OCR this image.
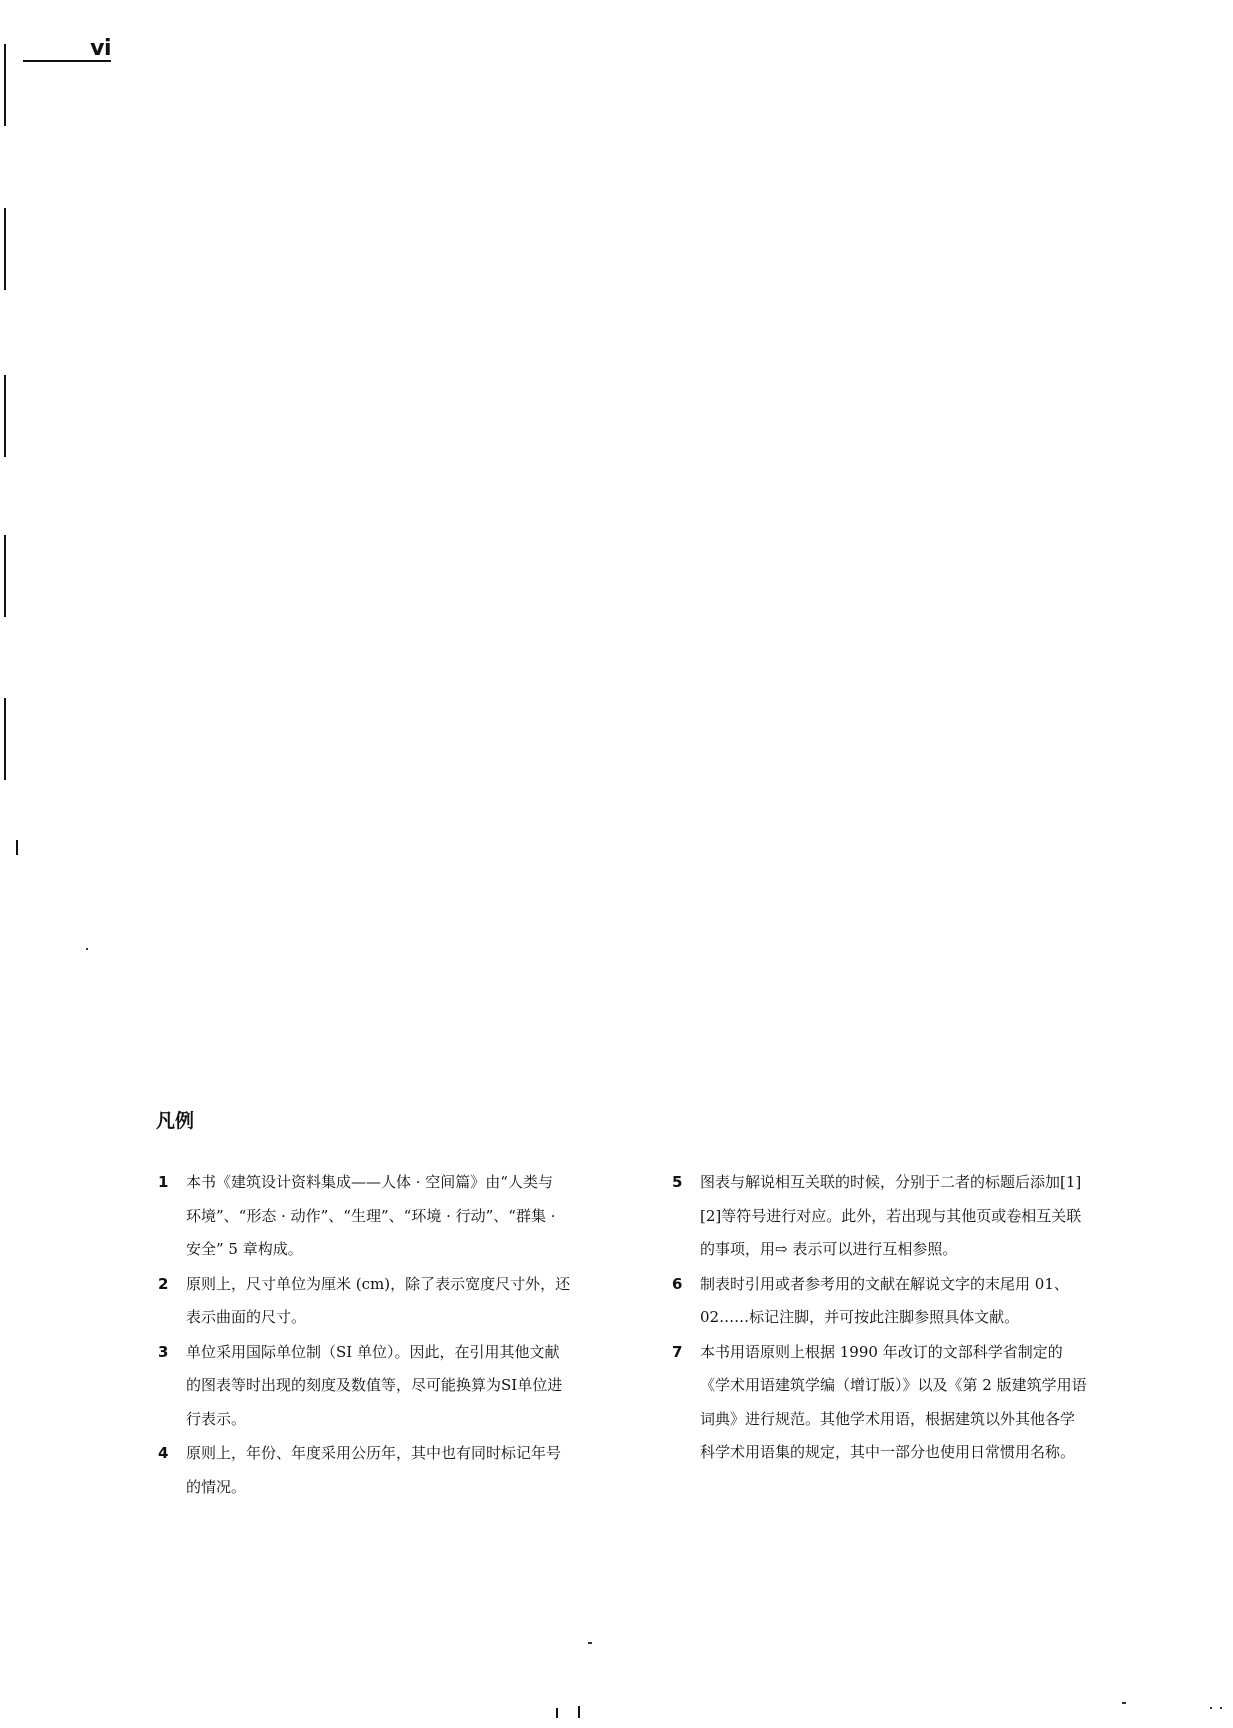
vi
凡例
1 本书《建筑设计资料集成——人体 · 空间篇》由“人类与
环境”、“形态 · 动作”、“生理”、“环境 · 行动”、“群集 ·
安全” 5 章构成。
2 原则上，尺寸单位为厘米 (cm)，除了表示宽度尺寸外，还
表示曲面的尺寸。
3 单位采用国际单位制（SI 单位）。因此，在引用其他文献
的图表等时出现的刻度及数值等，尽可能换算为SI单位进
行表示。
4 原则上，年份、年度采用公历年，其中也有同时标记年号
的情况。
5 图表与解说相互关联的时候，分别于二者的标题后添加[1]
[2]等符号进行对应。此外，若出现与其他页或卷相互关联
的事项，用⇨ 表示可以进行互相参照。
6 制表时引用或者参考用的文献在解说文字的末尾用 01、
02……标记注脚，并可按此注脚参照具体文献。
7 本书用语原则上根据 1990 年改订的文部科学省制定的
《学术用语建筑学编（增订版）》以及《第 2 版建筑学用语
词典》进行规范。其他学术用语，根据建筑以外其他各学
科学术用语集的规定，其中一部分也使用日常惯用名称。
